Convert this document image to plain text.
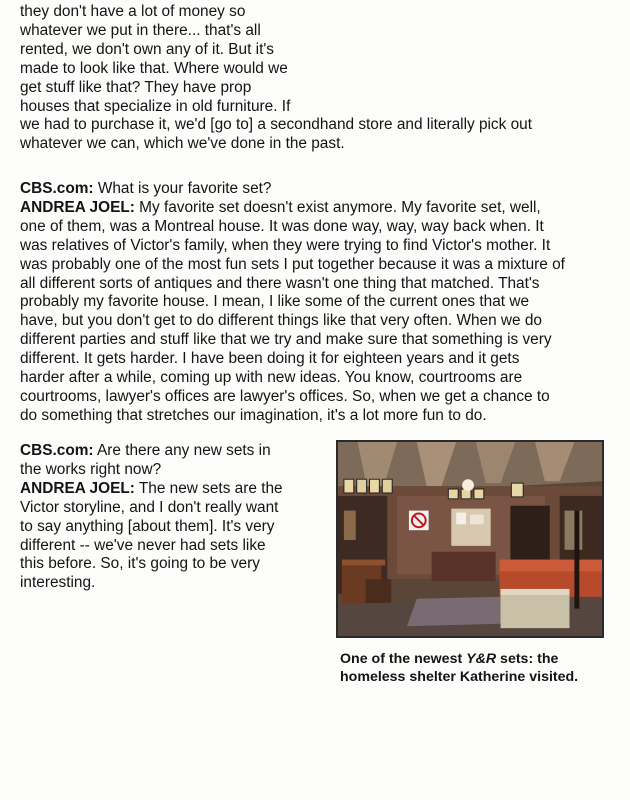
they don't have a lot of money so
whatever we put in there... that's all
rented, we don't own any of it. But it's
made to look like that. Where would we
get stuff like that? They have prop
houses that specialize in old furniture. If
we had to purchase it, we'd [go to] a secondhand store and literally pick out
whatever we can, which we've done in the past.

CBS.com: What is your favorite set?
ANDREA JOEL: My favorite set doesn't exist anymore. My favorite set, well,
one of them, was a Montreal house. It was done way, way, way back when. It
was relatives of Victor's family, when they were trying to find Victor's mother. It
was probably one of the most fun sets I put together because it was a mixture of
all different sorts of antiques and there wasn't one thing that matched. That's
probably my favorite house. I mean, I like some of the current ones that we
have, but you don't get to do different things like that very often. When we do
different parties and stuff like that we try and make sure that something is very
different. It gets harder. I have been doing it for eighteen years and it gets
harder after a while, coming up with new ideas. You know, courtrooms are
courtrooms, lawyer's offices are lawyer's offices. So, when we get a chance to
do something that stretches our imagination, it's a lot more fun to do.

CBS.com: Are there any new sets in
the works right now?
ANDREA JOEL: The new sets are the
Victor storyline, and I don't really want
to say anything [about them]. It's very
different -- we've never had sets like
this before. So, it's going to be very
interesting.

One of the newest Y&R sets: the
homeless shelter Katherine visited.
